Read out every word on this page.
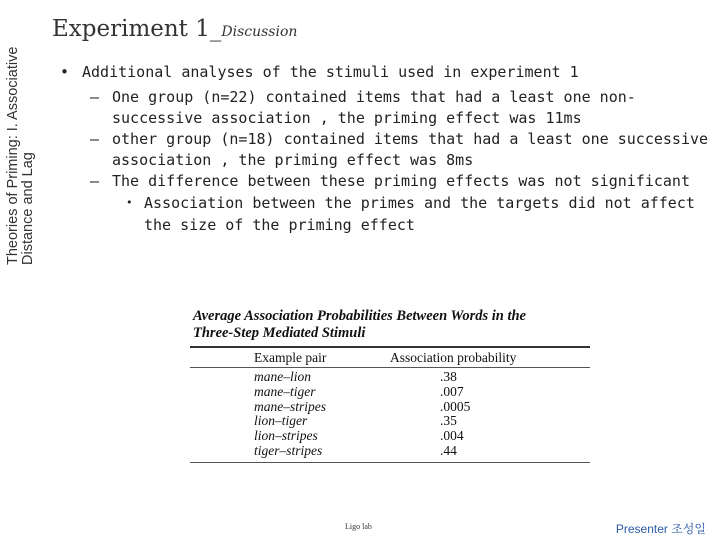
Experiment 1_Discussion
Theories of Priming: I. Associative Distance and Lag
• Additional analyses of the stimuli used in experiment 1
– One group (n=22) contained items that had a least one non-successive association , the priming effect was 11ms
– other group (n=18) contained items that had a least one successive association , the priming effect was 8ms
– The difference between these priming effects was not significant
• Association between the primes and the targets did not affect the size of the priming effect
Average Association Probabilities Between Words in the
Three-Step Mediated Stimuli
Example pair	Association probability
mane–lion	.38
mane–tiger	.007
mane–stripes	.0005
lion–tiger	.35
lion–stripes	.004
tiger–stripes	.44
Ligo lab	Presenter 조성일
